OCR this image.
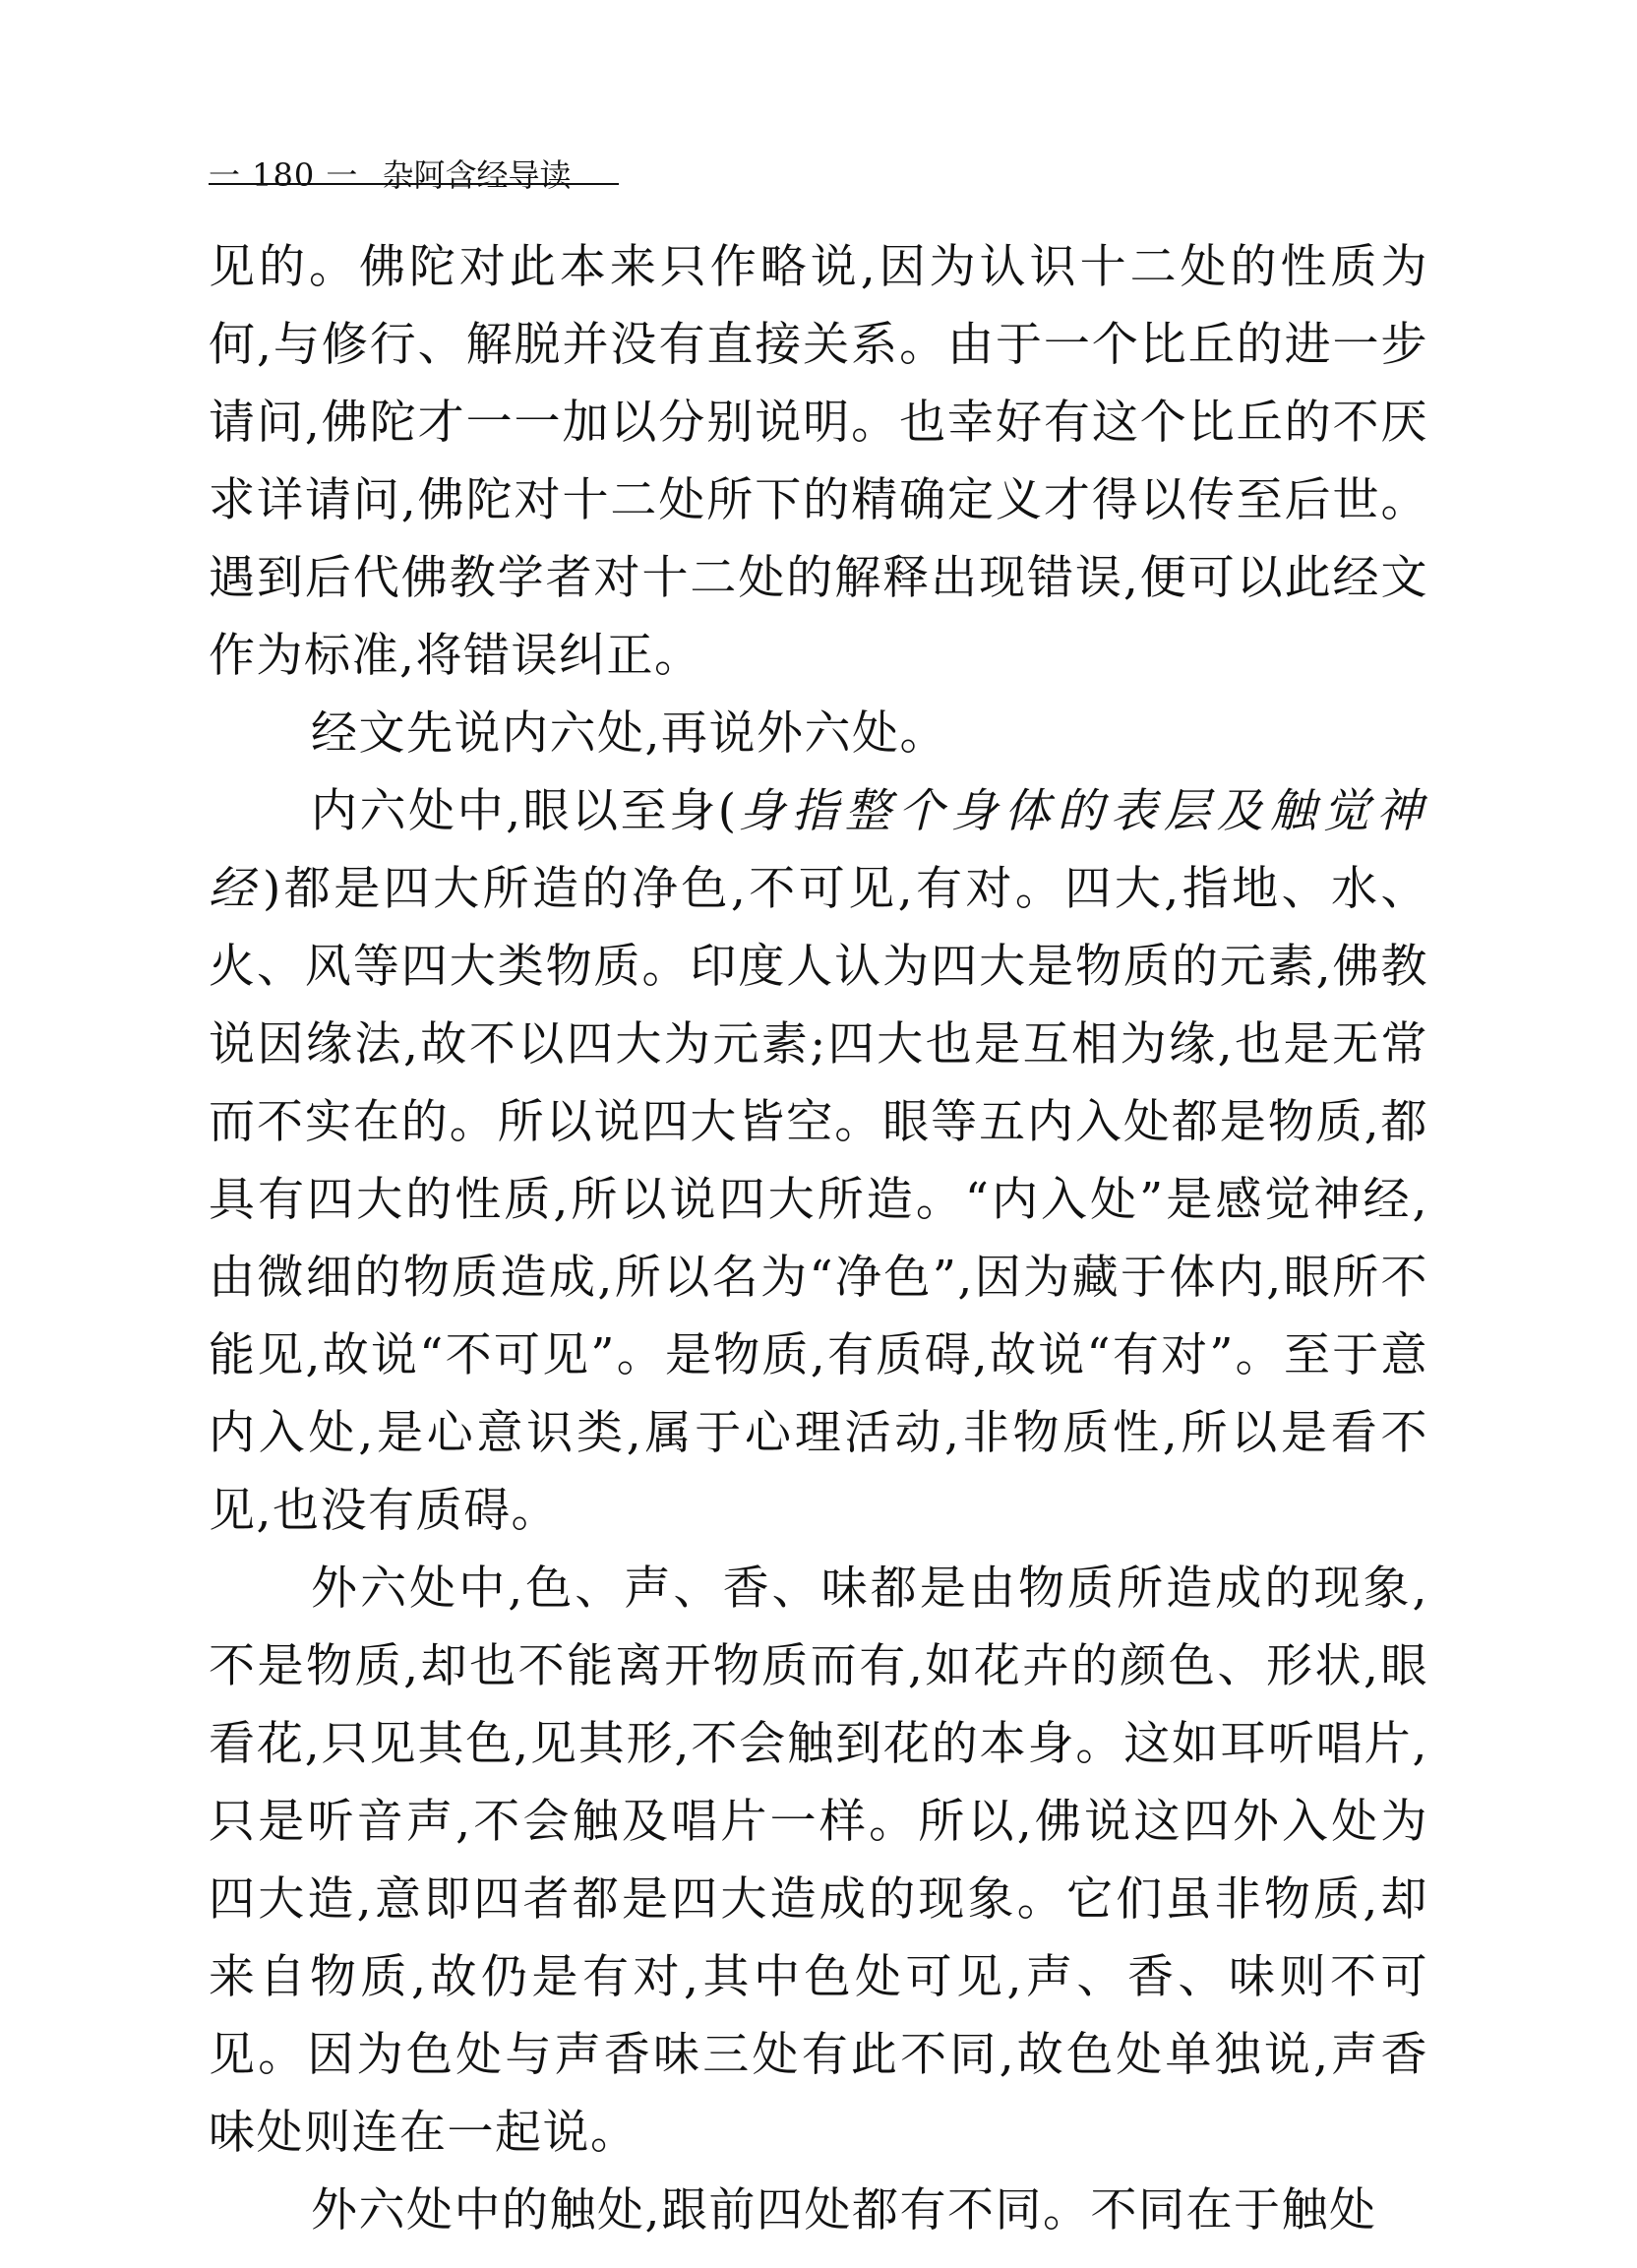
一 180 一 杂阿含经导读

见的。佛陀对此本来只作略说,因为认识十二处的性质为何,与修行、解脱并没有直接关系。由于一个比丘的进一步请问,佛陀才一一加以分别说明。也幸好有这个比丘的不厌求详请问,佛陀对十二处所下的精确定义才得以传至后世。遇到后代佛教学者对十二处的解释出现错误,便可以此经文作为标准,将错误纠正。

经文先说内六处,再说外六处。

内六处中,眼以至身(身指整个身体的表层及触觉神经)都是四大所造的净色,不可见,有对。四大,指地、水、火、风等四大类物质。印度人认为四大是物质的元素,佛教说因缘法,故不以四大为元素;四大也是互相为缘,也是无常而不实在的。所以说四大皆空。眼等五内入处都是物质,都具有四大的性质,所以说四大所造。“内入处”是感觉神经,由微细的物质造成,所以名为“净色”,因为藏于体内,眼所不能见,故说“不可见”。是物质,有质碍,故说“有对”。至于意内入处,是心意识类,属于心理活动,非物质性,所以是看不见,也没有质碍。

外六处中,色、声、香、味都是由物质所造成的现象,不是物质,却也不能离开物质而有,如花卉的颜色、形状,眼看花,只见其色,见其形,不会触到花的本身。这如耳听唱片,只是听音声,不会触及唱片一样。所以,佛说这四外入处为四大造,意即四者都是四大造成的现象。它们虽非物质,却来自物质,故仍是有对,其中色处可见,声、香、味则不可见。因为色处与声香味三处有此不同,故色处单独说,声香味处则连在一起说。

外六处中的触处,跟前四处都有不同。不同在于触处
